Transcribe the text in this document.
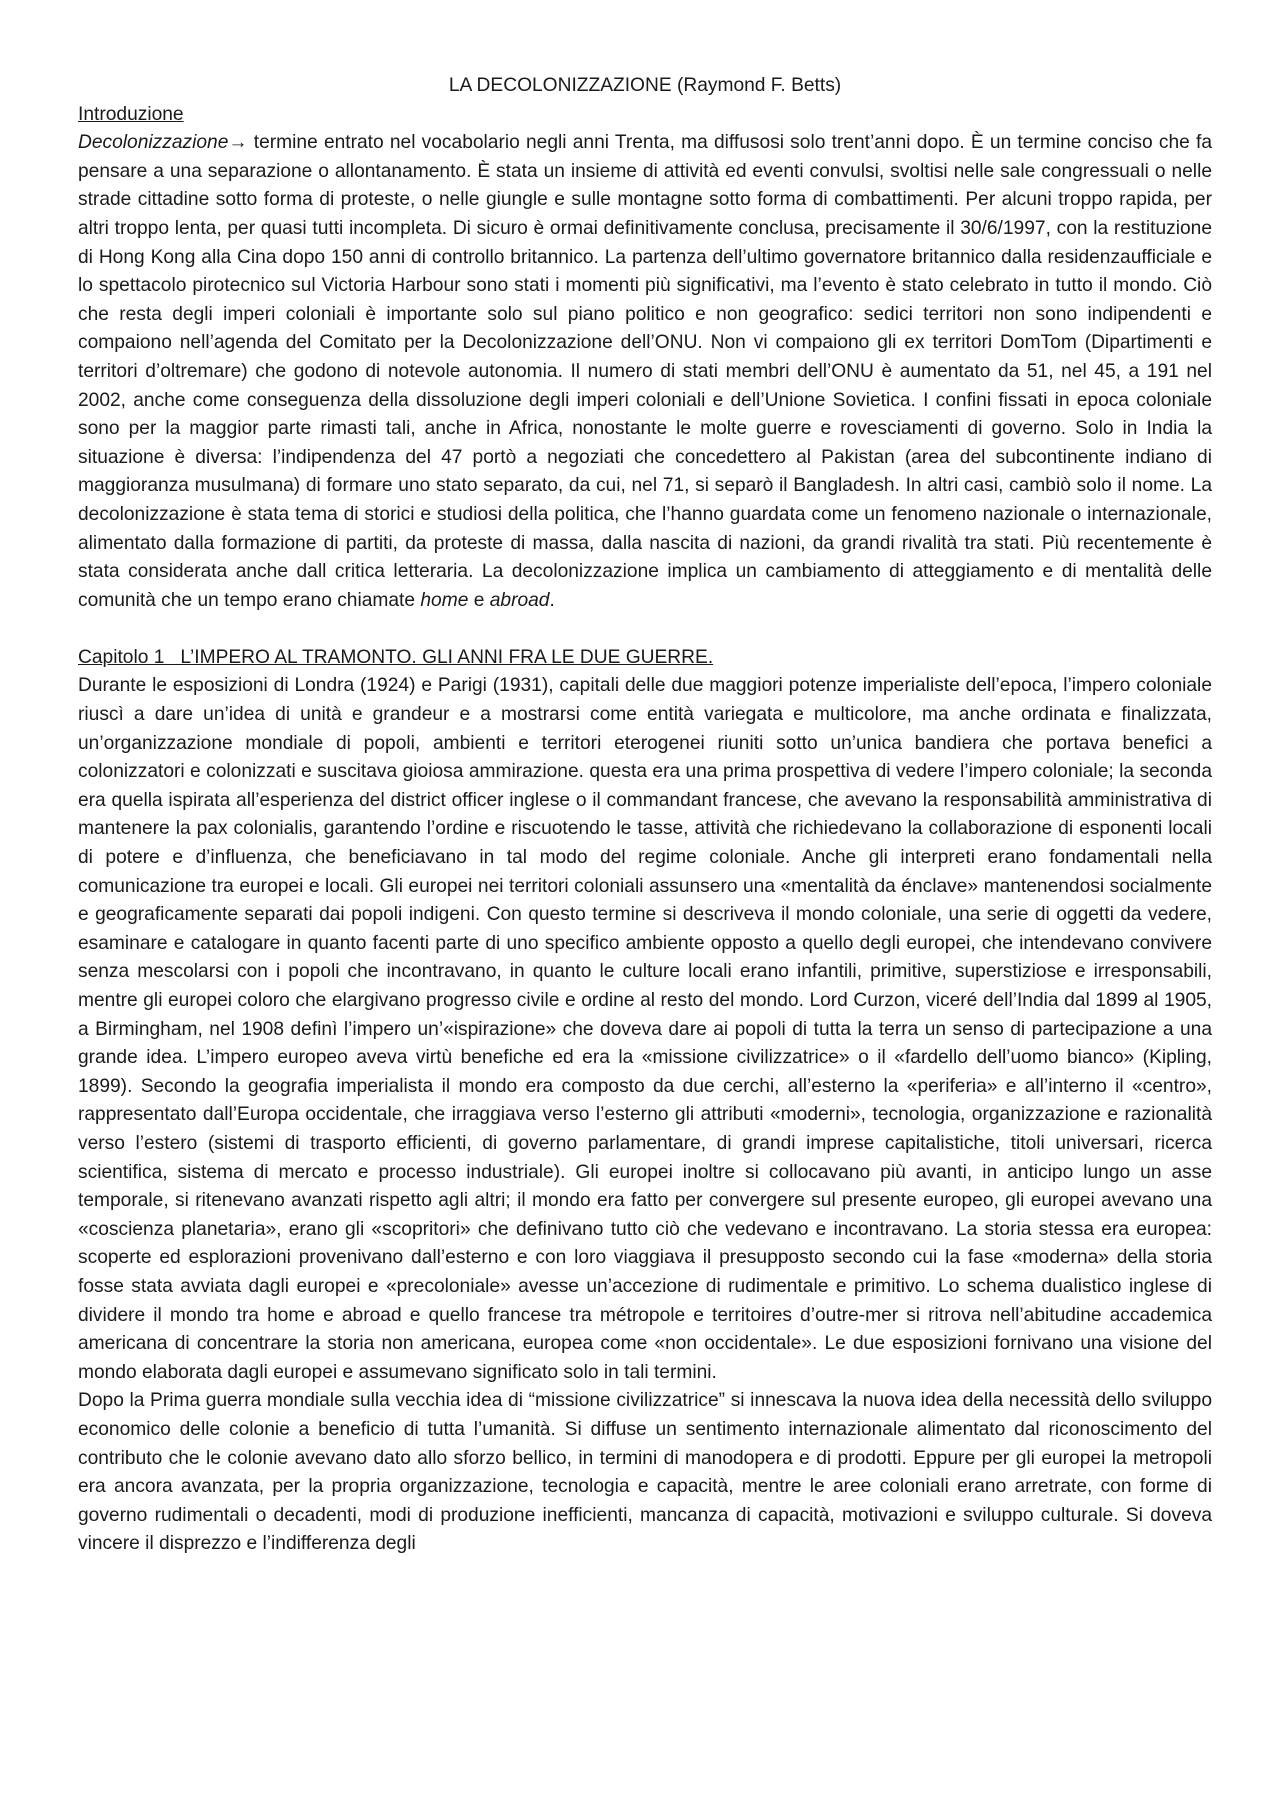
LA DECOLONIZZAZIONE (Raymond F. Betts)
Introduzione

Decolonizzazione→ termine entrato nel vocabolario negli anni Trenta, ma diffusosi solo trent’anni dopo. È un termine conciso che fa pensare a una separazione o allontanamento. È stata un insieme di attività ed eventi convulsi, svoltisi nelle sale congressuali o nelle strade cittadine sotto forma di proteste, o nelle giungle e sulle montagne sotto forma di combattimenti. Per alcuni troppo rapida, per altri troppo lenta, per quasi tutti incompleta. Di sicuro è ormai definitivamente conclusa, precisamente il 30/6/1997, con la restituzione di Hong Kong alla Cina dopo 150 anni di controllo britannico. La partenza dell’ultimo governatore britannico dalla residenzaufficiale e lo spettacolo pirotecnico sul Victoria Harbour sono stati i momenti più significativi, ma l’evento è stato celebrato in tutto il mondo. Ciò che resta degli imperi coloniali è importante solo sul piano politico e non geografico: sedici territori non sono indipendenti e compaiono nell’agenda del Comitato per la Decolonizzazione dell’ONU. Non vi compaiono gli ex territori DomTom (Dipartimenti e territori d’oltremare) che godono di notevole autonomia. Il numero di stati membri dell’ONU è aumentato da 51, nel 45, a 191 nel 2002, anche come conseguenza della dissoluzione degli imperi coloniali e dell’Unione Sovietica. I confini fissati in epoca coloniale sono per la maggior parte rimasti tali, anche in Africa, nonostante le molte guerre e rovesciamenti di governo. Solo in India la situazione è diversa: l’indipendenza del 47 portò a negoziati che concedettero al Pakistan (area del subcontinente indiano di maggioranza musulmana) di formare uno stato separato, da cui, nel 71, si separò il Bangladesh. In altri casi, cambiò solo il nome. La decolonizzazione è stata tema di storici e studiosi della politica, che l’hanno guardata come un fenomeno nazionale o internazionale, alimentato dalla formazione di partiti, da proteste di massa, dalla nascita di nazioni, da grandi rivalità tra stati. Più recentemente è stata considerata anche dall critica letteraria. La decolonizzazione implica un cambiamento di atteggiamento e di mentalità delle comunità che un tempo erano chiamate home e abroad.

Capitolo 1   L’IMPERO AL TRAMONTO. GLI ANNI FRA LE DUE GUERRE.

Durante le esposizioni di Londra (1924) e Parigi (1931), capitali delle due maggiori potenze imperialiste dell’epoca, l’impero coloniale riuscì a dare un’idea di unità e grandeur e a mostrarsi come entità variegata e multicolore, ma anche ordinata e finalizzata, un’organizzazione mondiale di popoli, ambienti e territori eterogenei riuniti sotto un’unica bandiera che portava benefici a colonizzatori e colonizzati e suscitava gioiosa ammirazione. questa era una prima prospettiva di vedere l’impero coloniale; la seconda era quella ispirata all’esperienza del district officer inglese o il commandant francese, che avevano la responsabilità amministrativa di mantenere la pax colonialis, garantendo l’ordine e riscuotendo le tasse, attività che richiedevano la collaborazione di esponenti locali di potere e d’influenza, che beneficiavano in tal modo del regime coloniale. Anche gli interpreti erano fondamentali nella comunicazione tra europei e locali. Gli europei nei territori coloniali assunsero una «mentalità da énclave» mantenendosi socialmente e geograficamente separati dai popoli indigeni. Con questo termine si descriveva il mondo coloniale, una serie di oggetti da vedere, esaminare e catalogare in quanto facenti parte di uno specifico ambiente opposto a quello degli europei, che intendevano convivere senza mescolarsi con i popoli che incontravano, in quanto le culture locali erano infantili, primitive, superstiziose e irresponsabili, mentre gli europei coloro che elargivano progresso civile e ordine al resto del mondo. Lord Curzon, viceré dell’India dal 1899 al 1905, a Birmingham, nel 1908 definì l’impero un’«ispirazione» che doveva dare ai popoli di tutta la terra un senso di partecipazione a una grande idea. L’impero europeo aveva virtù benefiche ed era la «missione civilizzatrice» o il «fardello dell’uomo bianco» (Kipling, 1899). Secondo la geografia imperialista il mondo era composto da due cerchi, all’esterno la «periferia» e all’interno il «centro», rappresentato dall’Europa occidentale, che irraggiava verso l’esterno gli attributi «moderni», tecnologia, organizzazione e razionalità verso l’estero (sistemi di trasporto efficienti, di governo parlamentare, di grandi imprese capitalistiche, titoli universari, ricerca scientifica, sistema di mercato e processo industriale). Gli europei inoltre si collocavano più avanti, in anticipo lungo un asse temporale, si ritenevano avanzati rispetto agli altri; il mondo era fatto per convergere sul presente europeo, gli europei avevano una «coscienza planetaria», erano gli «scopritori» che definivano tutto ciò che vedevano e incontravano. La storia stessa era europea: scoperte ed esplorazioni provenivano dall’esterno e con loro viaggiava il presupposto secondo cui la fase «moderna» della storia fosse stata avviata dagli europei e «precoloniale» avesse un’accezione di rudimentale e primitivo. Lo schema dualistico inglese di dividere il mondo tra home e abroad e quello francese tra métropole e territoires d’outre-mer si ritrova nell’abitudine accademica americana di concentrare la storia non americana, europea come «non occidentale». Le due esposizioni fornivano una visione del mondo elaborata dagli europei e assumevano significato solo in tali termini.

Dopo la Prima guerra mondiale sulla vecchia idea di “missione civilizzatrice” si innescava la nuova idea della necessità dello sviluppo economico delle colonie a beneficio di tutta l’umanità. Si diffuse un sentimento internazionale alimentato dal riconoscimento del contributo che le colonie avevano dato allo sforzo bellico, in termini di manodopera e di prodotti. Eppure per gli europei la metropoli era ancora avanzata, per la propria organizzazione, tecnologia e capacità, mentre le aree coloniali erano arretrate, con forme di governo rudimentali o decadenti, modi di produzione inefficienti, mancanza di capacità, motivazioni e sviluppo culturale. Si doveva vincere il disprezzo e l’indifferenza degli
